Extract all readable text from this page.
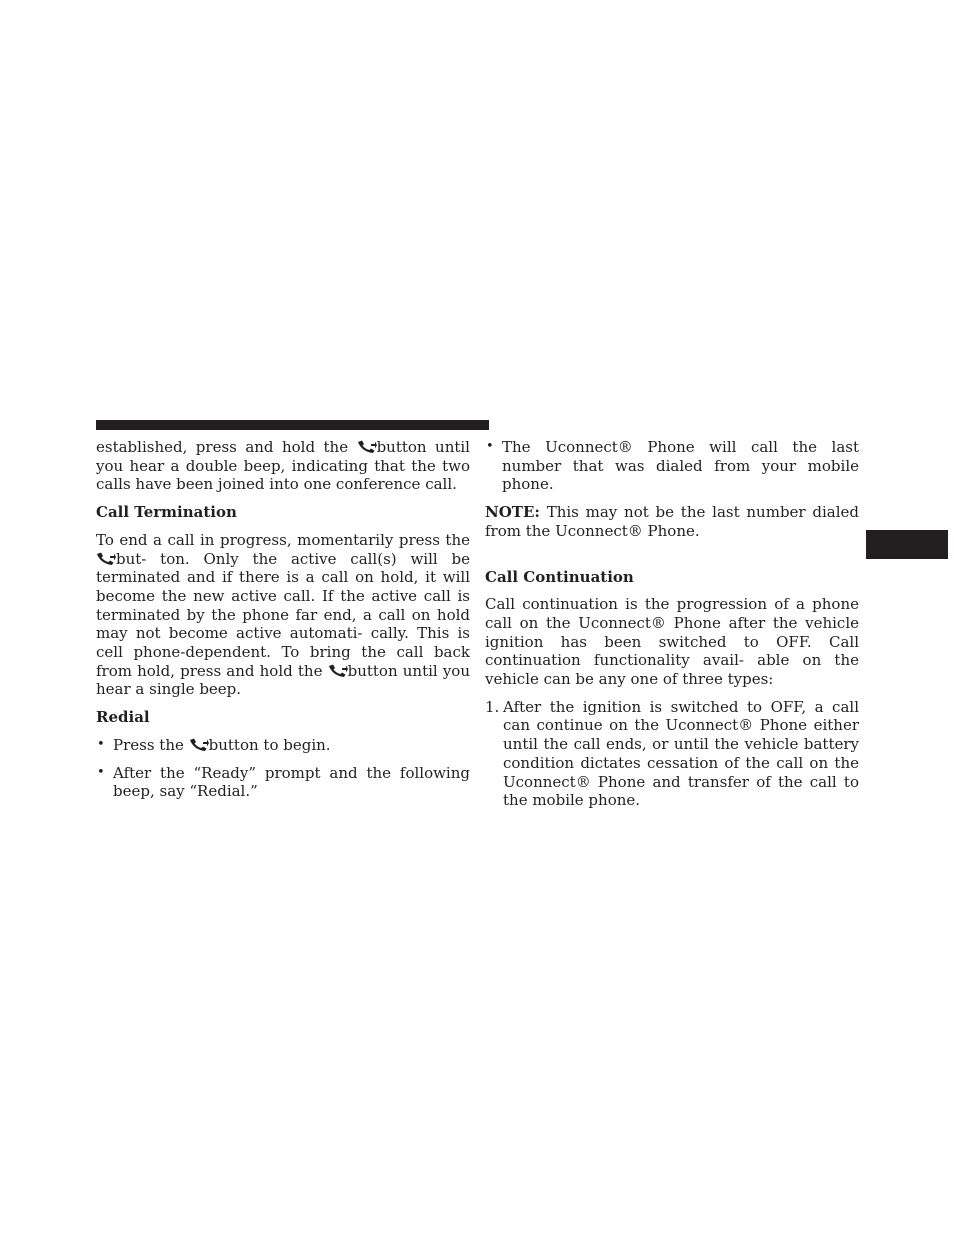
established, press and hold the
button until you hear a double beep, indicating that the two calls have been joined into one conference call.

Call Termination

To end a call in progress, momentarily press the
but- ton. Only the active call(s) will be terminated and if there is a call on hold, it will become the new active call. If the active call is terminated by the phone far end, a call on hold may not become active automati- cally. This is cell phone-dependent. To bring the call back from hold, press and hold the
button until you hear a single beep.

Redial
• Press the
button to begin.
• After the “Ready” prompt and the following beep, say “Redial.”
• The Uconnect® Phone will call the last number that was dialed from your mobile phone.

NOTE: This may not be the last number dialed from the Uconnect® Phone.

Call Continuation

Call continuation is the progression of a phone call on the Uconnect® Phone after the vehicle ignition has been switched to OFF. Call continuation functionality avail- able on the vehicle can be any one of three types:

1. After the ignition is switched to OFF, a call can continue on the Uconnect® Phone either until the call ends, or until the vehicle battery condition dictates cessation of the call on the Uconnect® Phone and transfer of the call to the mobile phone.
